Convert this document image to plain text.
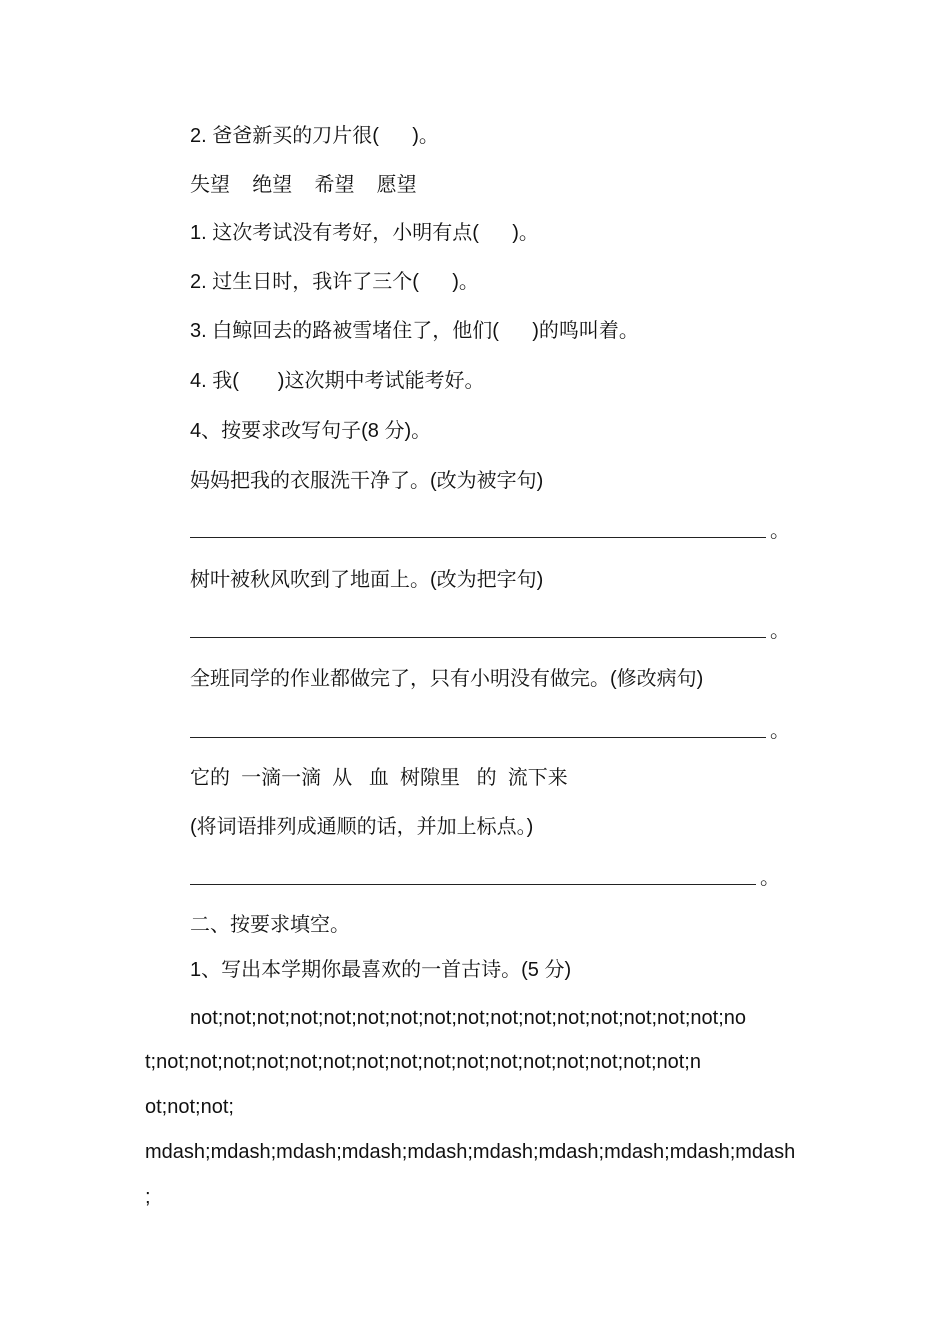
2. 爸爸新买的刀片很(      )。
失望    绝望    希望    愿望
1. 这次考试没有考好，小明有点(      )。
2. 过生日时，我许了三个(      )。
3. 白鲸回去的路被雪堵住了，他们(      )的鸣叫着。
4. 我(       )这次期中考试能考好。
4、按要求改写句子(8 分)。
妈妈把我的衣服洗干净了。(改为被字句)
。
树叶被秋风吹到了地面上。(改为把字句)
。
全班同学的作业都做完了，只有小明没有做完。(修改病句)
。
它的  一滴一滴  从   血  树隙里   的  流下来
(将词语排列成通顺的话，并加上标点。)
。
二、按要求填空。
1、写出本学期你最喜欢的一首古诗。(5 分)
not;not;not;not;not;not;not;not;not;not;not;not;not;not;not;not;no
t;not;not;not;not;not;not;not;not;not;not;not;not;not;not;not;not;n
ot;not;not;
mdash;mdash;mdash;mdash;mdash;mdash;mdash;mdash;mdash;mdash
;
